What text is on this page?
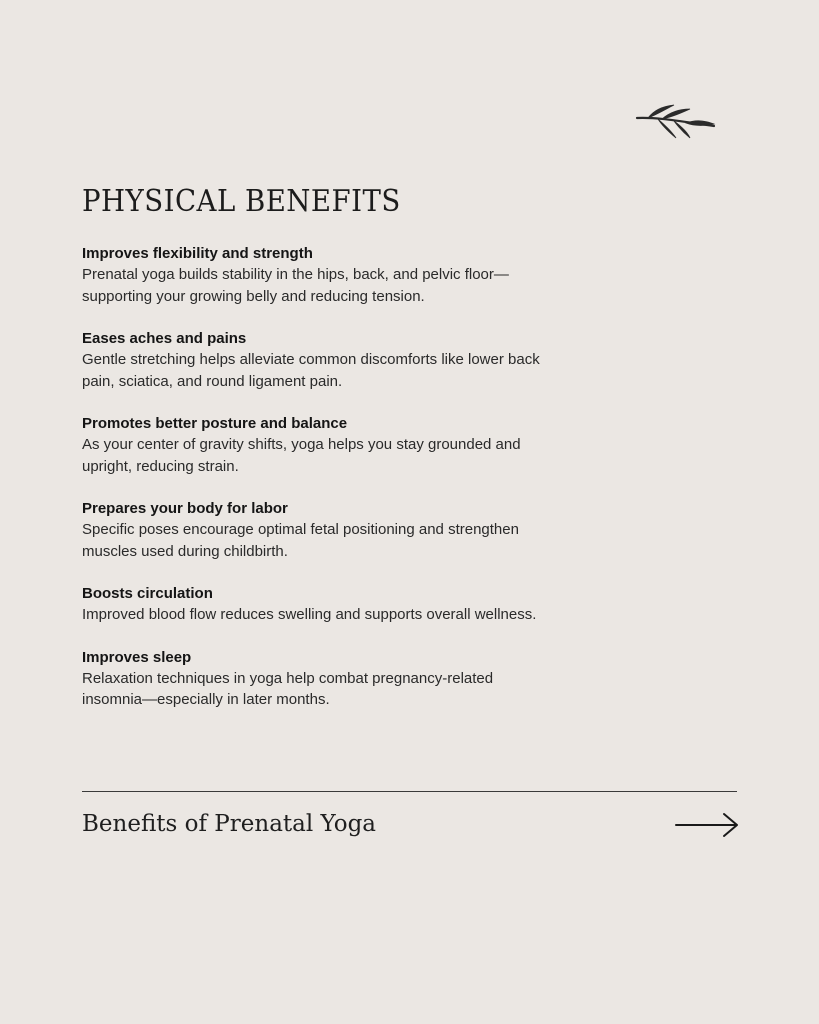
PHYSICAL BENEFITS

Improves flexibility and strength

Prenatal yoga builds stability in the hips, back, and pelvic floor—

supporting your growing belly and reducing tension.

Eases aches and pains

Gentle stretching helps alleviate common discomforts like lower back

pain, sciatica, and round ligament pain.

Promotes better posture and balance

As your center of gravity shifts, yoga helps you stay grounded and

upright, reducing strain.

Prepares your body for labor

Specific poses encourage optimal fetal positioning and strengthen

muscles used during childbirth.

Boosts circulation

Improved blood flow reduces swelling and supports overall wellness.

Improves sleep

Relaxation techniques in yoga help combat pregnancy-related

insomnia—especially in later months.

Benefits of Prenatal Yoga
